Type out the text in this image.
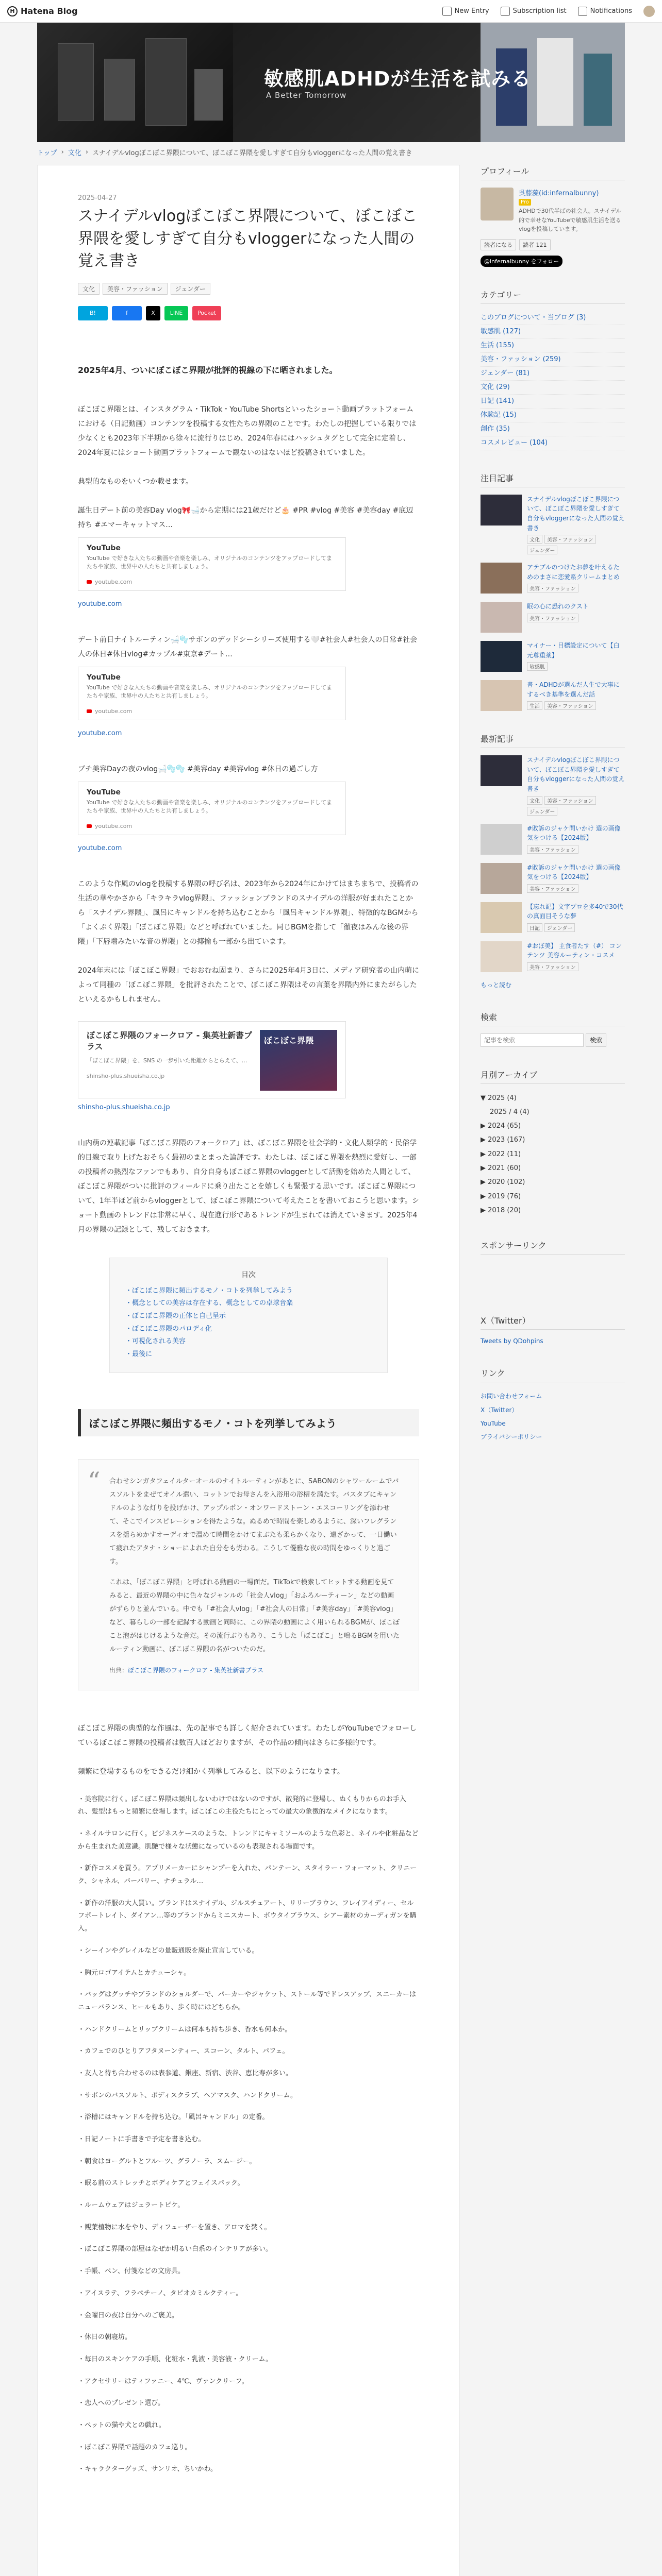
H Hatena Blog	New Entry	Subscription list	Notifications
敏感肌ADHDが生活を試みる
A Better Tomorrow
トップ › 文化 › スナイデルvlogぼこぼこ界隈について、ぼこぼこ界隈を愛しすぎて自分もvloggerになった人間の覚え書き
2025-04-27
スナイデルvlogぼこぼこ界隈について、ぼこぼこ界隈を愛しすぎて自分もvloggerになった人間の覚え書き
文化	美容・ファッション	ジェンダー
B!	f	X	LINE	Pocket

2025年4月、ついにぼこぼこ界隈が批評的視線の下に晒されました。

ぼこぼこ界隈とは、インスタグラム・TikTok・YouTube Shortsといったショート動画プラットフォームにおける（日記動画）コンテンツを投稿する女性たちの界隈のことです。わたしの把握している限りでは少なくとも2023年下半期から徐々に流行りはじめ、2024年春にはハッシュタグとして完全に定着し、2024年夏にはショート動画プラットフォームで観ないのはないほど投稿されていました。

典型的なものをいくつか載せます。

誕生日デート前の美容Day vlog🎀🛁から定期には21歳だけど🎂 #PR #vlog #美容 #美容day #底辺持ち #エマーキャットマス…

YouTube
YouTube で好きな人たちの動画や音楽を楽しみ、オリジナルのコンテンツをアップロードしてまたちや家族、世界中の人たちと共有しましょう。
youtube.com
youtube.com

デート前日ナイトルーティン🛁🫧サボンのデッドシーシリーズ使用する🤍#社会人#社会人の日常#社会人の休日#休日vlog#カップル#東京#デート…

YouTube
YouTube で好きな人たちの動画や音楽を楽しみ、オリジナルのコンテンツをアップロードしてまたちや家族、世界中の人たちと共有しましょう。
youtube.com
youtube.com

ブチ美容Dayの夜のvlog🛁🫧🫧 #美容day #美容vlog #休日の過ごし方

YouTube
YouTube で好きな人たちの動画や音楽を楽しみ、オリジナルのコンテンツをアップロードしてまたちや家族、世界中の人たちと共有しましょう。
youtube.com
youtube.com

このような作風のvlogを投稿する界隈の呼び名は、2023年から2024年にかけてはまちまちで、投稿者の生活の華やかさから「キラキラvlog界隈」、ファッションブランドのスナイデルの洋服が好まれたことから「スナイデル界隈」、風呂にキャンドルを持ち込むことから「風呂キャンドル界隈」、特徴的なBGMから「よくぷく界隈」「ぼこぼこ界隈」などと呼ばれていました。同じBGMを指して「徹夜はみんな後の界隈」「下唇嚙みたいな音の界隈」との揶揄も一部から出ています。

2024年末には「ぼこぼこ界隈」でおおむね固まり、さらに2025年4月3日に、メディア研究者の山内萌によって同種の「ぼこぼこ界隈」を批評されたことで、ぼこぼこ界隈はその言葉を界隈内外にまたがらしたといえるかもしれません。

ぼこぼこ界隈のフォークロア - 集英社新書プラス
「ぼこぼこ界隈」を、SNS の一歩引いた距離からとらえて、…
shinsho-plus.shueisha.co.jp
ぼこぼこ界隈
shinsho-plus.shueisha.co.jp

山内萌の連載記事「ぼこぼこ界隈のフォークロア」は、ぼこぼこ界隈を社会学的・文化人類学的・民俗学的目線で取り上げたおそらく最初のまとまった論評です。わたしは、ぼこぼこ界隈を熱烈に愛好し、一部の投稿者の熱烈なファンでもあり、自分自身もぼこぼこ界隈のvloggerとして活動を始めた人間として、ぼこぼこ界隈がついに批評のフィールドに乗り出たことを嬉しくも緊張する思いです。ぼこぼこ界隈について、1年半ほど前からvloggerとして、ぼこぼこ界隈について考えたことを書いておこうと思います。ショート動画のトレンドは非常に早く、現在進行形であるトレンドが生まれては消えていきます。2025年4月の界隈の記録として、残しておきます。

目次
・ ぼこぼこ界隈に頻出するモノ・コトを列挙してみよう
・ 概念としての美容は存在する、概念としての卓球音楽
・ ぼこぼこ界隈の正体と自己呈示
・ ぼこぼこ界隈のパロディ化
・ 可視化される美容
・ 最後に
ぼこぼこ界隈に頻出するモノ・コトを列挙してみよう
“ 合わせシンガタフェイルターオールのナイトルーティンがあとに、SABONのシャワールームでバスソルトをまぜてオイル遣い、コットンでお母さんを入浴用の浴槽を満たす。バスタブにキャンドルのような灯りを投げかけ、アップルポン・オンワードストーン・エスコーリングを添わせて、そこでインスピレーションを得たような。ぬるめで時間を楽しめるように、深いフレグランスを揺らめかすオーディオで温めて時間をかけてまぶたも柔らかくなり、遠ざかって、一日働いて疲れたアタナ・ショーによれた自分をも労わる。こうして優雅な夜の時間をゆっくりと過ごす。

これは、「ぼこぼこ界隈」と呼ばれる動画の一場面だ。TikTokで検索してヒットする動画を見てみると、最近の界隈の中に色々なジャンルの「社会人vlog」「おふろルーティーン」などの動画がずらりと並んでいる。中でも「#社会人vlog」「#社会人の日常」「#美容day」「#美容vlog」など、暮らしの一部を記録する動画と同時に、この界隈の動画によく用いられるBGMが、ぼこぼこと泡がはじけるような音だ。その流行ぶりもあり、こうした「ぼこぼこ」と鳴るBGMを用いたルーティン動画に、ぼこぼこ界隈の名がついたのだ。

出典：ぼこぼこ界隈のフォークロア - 集英社新書プラス

ぼこぼこ界隈の典型的な作風は、先の記事でも詳しく紹介されています。わたしがYouTubeでフォローしているぼこぼこ界隈の投稿者は数百人ほどおりますが、その作品の傾向はさらに多様的です。

頻繁に登場するものをできるだけ細かく列挙してみると、以下のようになります。

・美容院に行く。ぼこぼこ界隈は頻出しないわけではないのですが、散発的に登場し、ぬくもりからのお手入れ、髪型はもっと頻繁に登場します。ぼこぼこの主役たちにとっての最大の象徴的なメイクになります。
・ネイルサロンに行く。ビジネスケースのような、トレンドにキャミソールのような色彩と、ネイルや化粧品などから生まれた美意識。肌艶で様々な状態になっているのも表現される場面です。
・新作コスメを買う。アプリメーカーにシャンプーを入れた、パンテーン、スタイラー・フォーマット、クリニーク、シャネル、バーバリー、ナチュラル…
・新作の洋服の大人買い。ブランドはスナイデル、ジルスチュアート、リリーブラウン、フレイアイディー、セルフポートレイト、ダイアン…等のブランドからミニスカート、ボウタイブラウス、シアー素材のカーディガンを購入。
・シーインやグレイルなどの量販通販を廃止宣言している。
・胸元ロゴアイテムとカチューシャ。
・バッグはグッチやブランドのショルダーで、パーカーやジャケット、ストール等でドレスアップ、スニーカーはニューバランス、ヒールもあり、歩く時にはどちらか。
・ハンドクリームとリップクリームは何本も持ち歩き、香水も何本か。
・カフェでのひとりアフタヌーンティー、スコーン、タルト、パフェ。
・友人と待ち合わせるのは表参道、銀座、新宿、渋谷、恵比寿が多い。
・サボンのバスソルト、ボディスクラブ、ヘアマスク、ハンドクリーム。
・浴槽にはキャンドルを持ち込む。「風呂キャンドル」の定番。
・日記ノートに手書きで予定を書き込む。
・朝食はヨーグルトとフルーツ、グラノーラ、スムージー。
・眠る前のストレッチとボディケアとフェイスパック。
・ルームウェアはジェラートピケ。
・観葉植物に水をやり、ディフューザーを置き、アロマを焚く。
・ぼこぼこ界隈の部屋はなぜか明るい白系のインテリアが多い。
・手帳、ペン、付箋などの文房具。
・アイスラテ、フラペチーノ、タピオカミルクティー。
・金曜日の夜は自分へのご褒美。
・休日の朝寝坊。
・毎日のスキンケアの手順、化粧水・乳液・美容液・クリーム。
・アクセサリーはティファニー、4℃、ヴァンクリーフ。
・恋人へのプレゼント選び。
・ペットの猫や犬との戯れ。
・ぼこぼこ界隈で話題のカフェ巡り。
・キャラクターグッズ、サンリオ、ちいかわ。
プロフィール
呉藤藻(id:infernalbunny)
Pro
ADHDで30代半ばの社会人。スナイデル的で幸せなYouTubeで敏感肌生活を送るvlogを投稿しています。
読者になる	読者 121
@infernalbunny をフォロー
カテゴリー
このブログについて・当ブログ (3)
敏感肌 (127)
生活 (155)
美容・ファッション (259)
ジェンダー (81)
文化 (29)
日記 (141)
体験記 (15)
創作 (35)
コスメレビュー (104)
注目記事
スナイデルvlogぼこぼこ界隈について、ぼこぼこ界隈を愛しすぎて自分もvloggerになった人間の覚え書き
文化	美容・ファッション
ジェンダー
アテプルのつけたお夢を叶えるためのまさに恋愛系クリームまとめ
美容・ファッション
眠の心に恐れのクスト
美容・ファッション
マイナー・目標設定について【白元尊重薬】
敏感肌
書・ADHDが選んだ人生で大事にするべき基準を選んだ話
生活	美容・ファッション
最新記事
スナイデルvlogぼこぼこ界隈について、ぼこぼこ界隈を愛しすぎて自分もvloggerになった人間の覚え書き
文化	美容・ファッション
ジェンダー
#敗訴のジャケ問いかけ 選の画像 気をつける【2024版】
美容・ファッション
#敗訴のジャケ問いかけ 選の画像 気をつける【2024版】
美容・ファッション
【忘れ記】文字プロを多40で30代の真面目そうな夢
日記	ジェンダー
#おぼ美】 主食者たす（#） コンテンツ 美容ルーティン・コスメ
美容・ファッション
もっと読む
検索
記事を検索
検索
月別アーカイブ
▼ 2025 (4)
2025 / 4 (4)
▶ 2024 (65)
▶ 2023 (167)
▶ 2022 (11)
▶ 2021 (60)
▶ 2020 (102)
▶ 2019 (76)
▶ 2018 (20)
スポンサーリンク
X（Twitter）
Tweets by QDohpins
リンク
お問い合わせフォーム
X（Twitter）
YouTube
プライバシーポリシー
